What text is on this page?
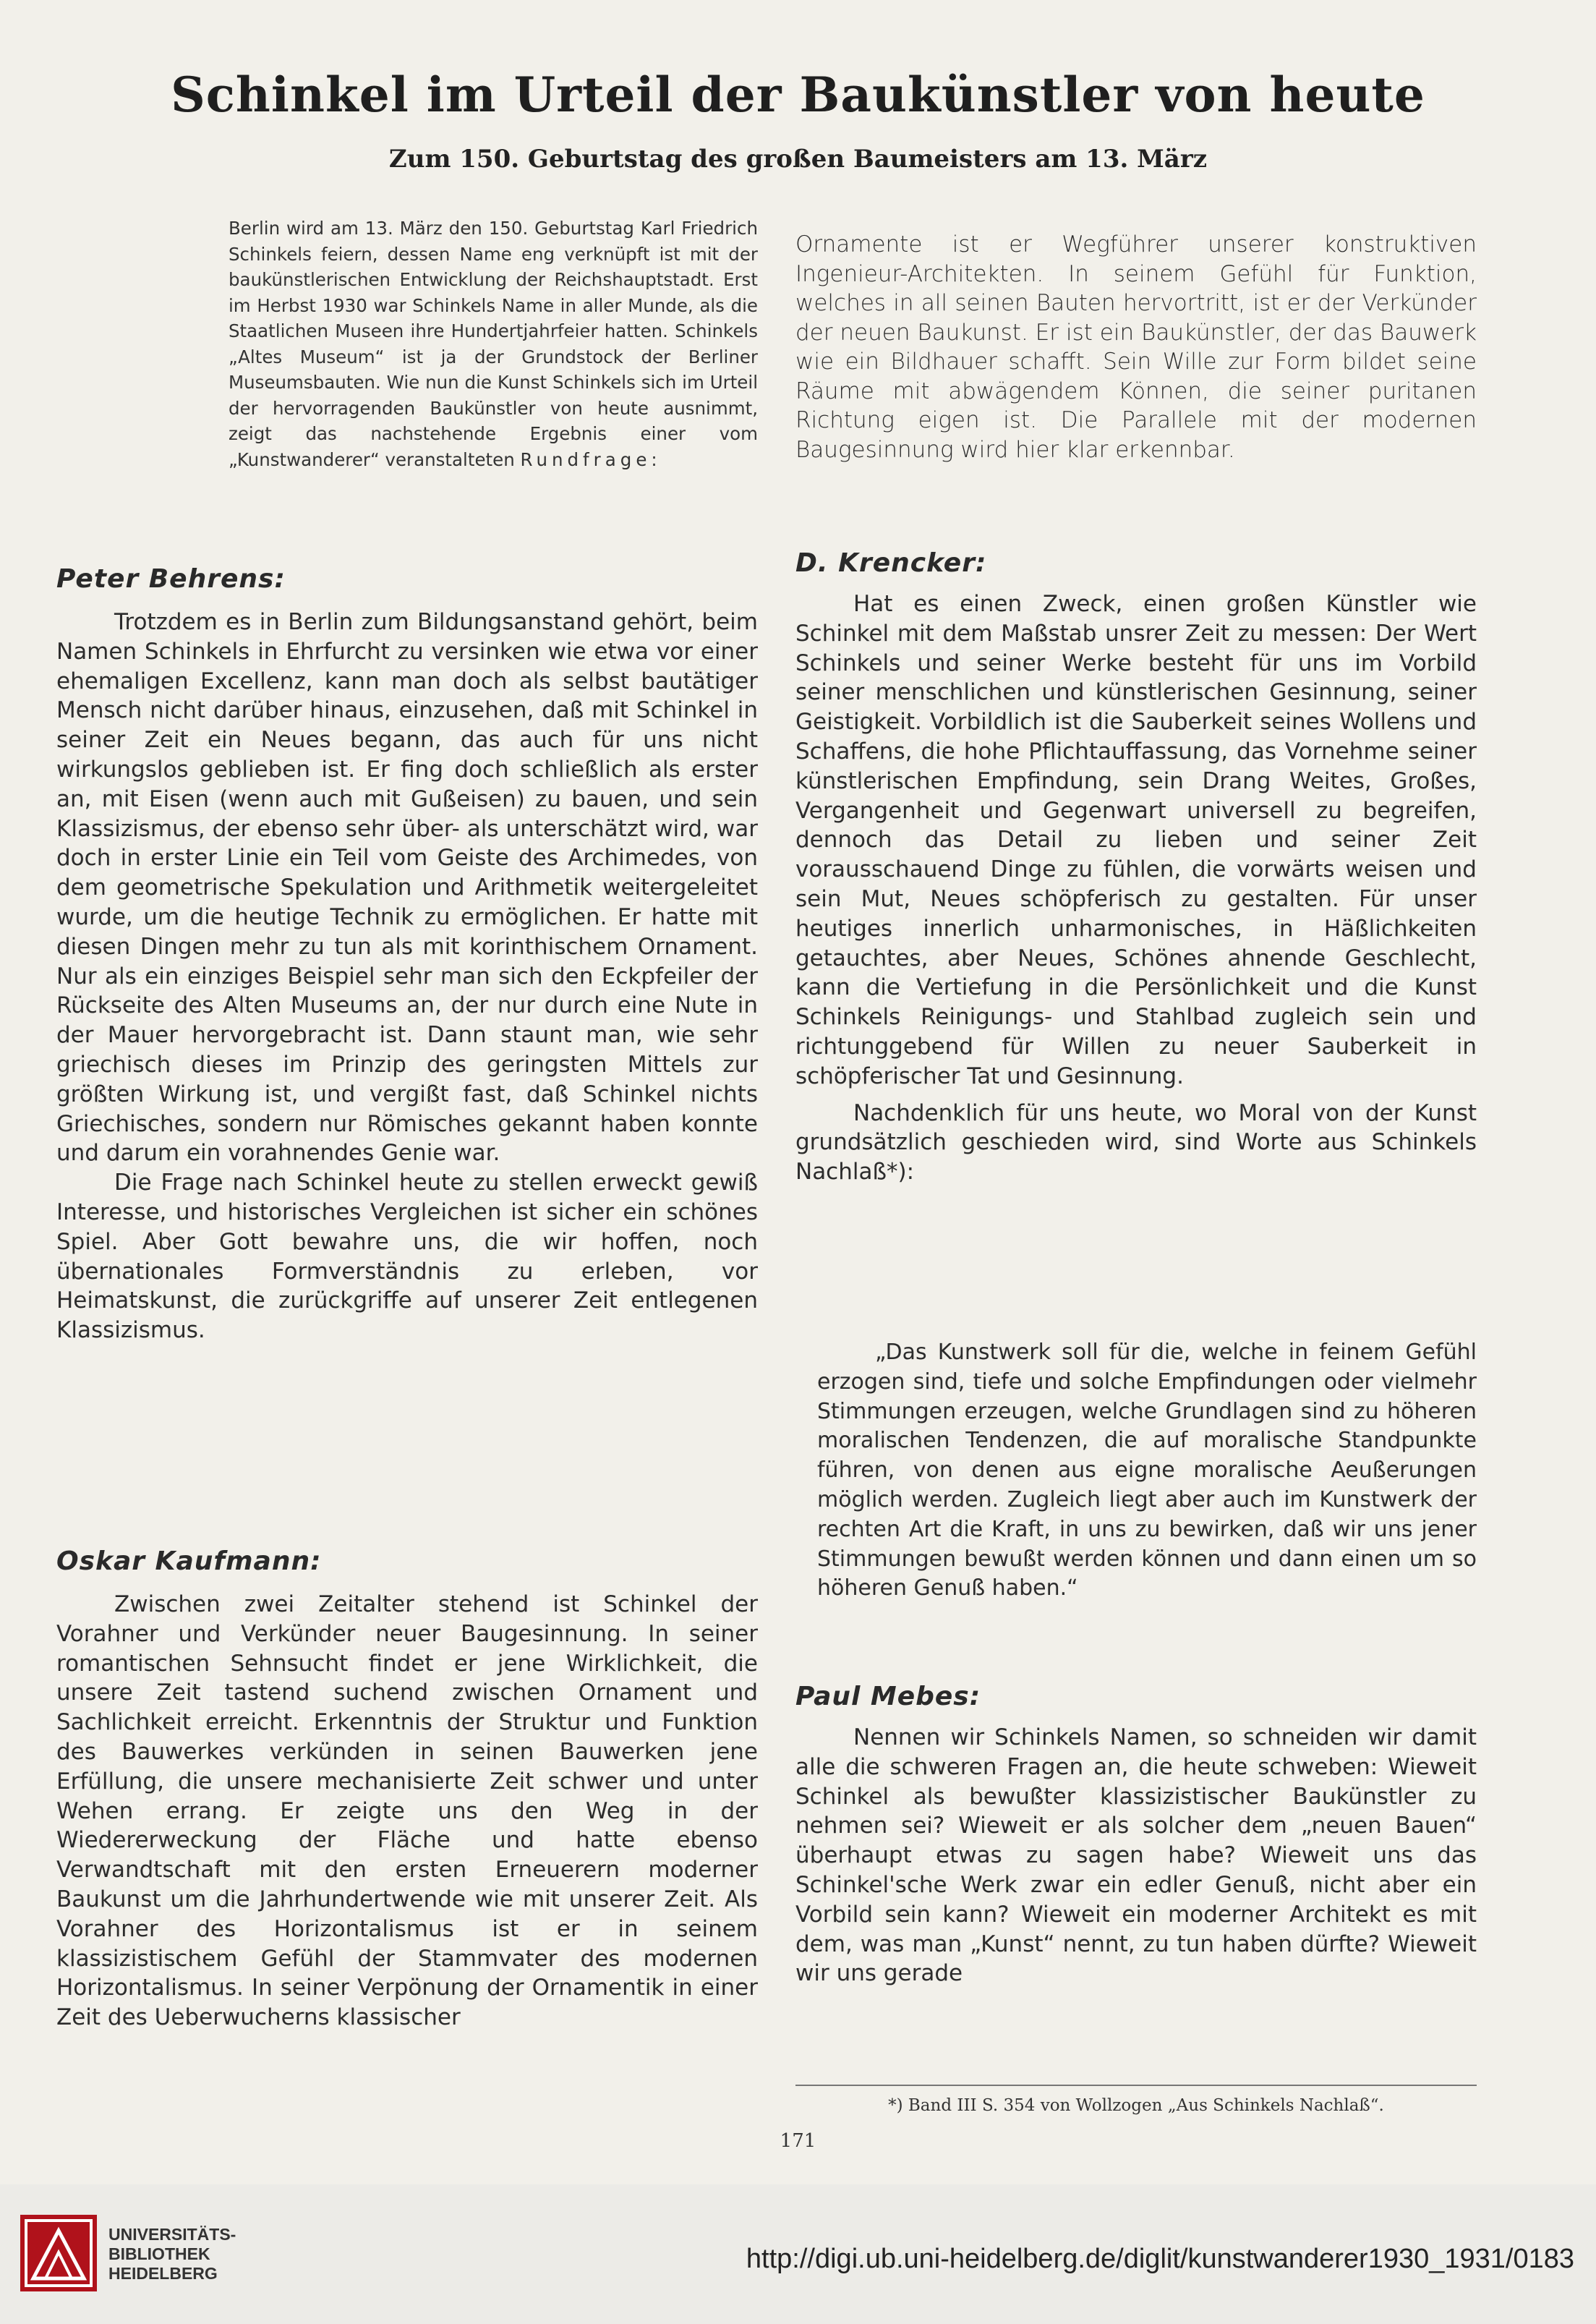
Schinkel im Urteil der Baukünstler von heute
Zum 150. Geburtstag des großen Baumeisters am 13. März
Berlin wird am 13. März den 150. Geburtstag Karl Friedrich Schinkels feiern, dessen Name eng verknüpft ist mit der baukünstlerischen Entwicklung der Reichshauptstadt. Erst im Herbst 1930 war Schinkels Name in aller Munde, als die Staatlichen Museen ihre Hundertjahrfeier hatten. Schinkels „Altes Museum“ ist ja der Grundstock der Berliner Museumsbauten. Wie nun die Kunst Schinkels sich im Urteil der hervorragenden Baukünstler von heute ausnimmt, zeigt das nachstehende Ergebnis einer vom „Kunstwanderer“ veranstalteten Rundfrage:
Ornamente ist er Wegführer unserer konstruktiven Ingenieur-Architekten. In seinem Gefühl für Funktion, welches in all seinen Bauten hervortritt, ist er der Verkünder der neuen Baukunst. Er ist ein Baukünstler, der das Bauwerk wie ein Bildhauer schafft. Sein Wille zur Form bildet seine Räume mit abwägendem Können, die seiner puritanen Richtung eigen ist. Die Parallele mit der modernen Baugesinnung wird hier klar erkennbar.
Peter Behrens:

Trotzdem es in Berlin zum Bildungsanstand gehört, beim Namen Schinkels in Ehrfurcht zu versinken wie etwa vor einer ehemaligen Excellenz, kann man doch als selbst bautätiger Mensch nicht darüber hinaus, einzusehen, daß mit Schinkel in seiner Zeit ein Neues begann, das auch für uns nicht wirkungslos geblieben ist. Er fing doch schließlich als erster an, mit Eisen (wenn auch mit Gußeisen) zu bauen, und sein Klassizismus, der ebenso sehr über- als unterschätzt wird, war doch in erster Linie ein Teil vom Geiste des Archimedes, von dem geometrische Spekulation und Arithmetik weitergeleitet wurde, um die heutige Technik zu ermöglichen. Er hatte mit diesen Dingen mehr zu tun als mit korinthischem Ornament. Nur als ein einziges Beispiel sehr man sich den Eckpfeiler der Rückseite des Alten Museums an, der nur durch eine Nute in der Mauer hervorgebracht ist. Dann staunt man, wie sehr griechisch dieses im Prinzip des geringsten Mittels zur größten Wirkung ist, und vergißt fast, daß Schinkel nichts Griechisches, sondern nur Römisches gekannt haben konnte und darum ein vorahnendes Genie war.

Die Frage nach Schinkel heute zu stellen erweckt gewiß Interesse, und historisches Vergleichen ist sicher ein schönes Spiel. Aber Gott bewahre uns, die wir hoffen, noch übernationales Formverständnis zu erleben, vor Heimatskunst, die zurückgriffe auf unserer Zeit entlegenen Klassizismus.

Oskar Kaufmann:

Zwischen zwei Zeitalter stehend ist Schinkel der Vorahner und Verkünder neuer Baugesinnung. In seiner romantischen Sehnsucht findet er jene Wirklichkeit, die unsere Zeit tastend suchend zwischen Ornament und Sachlichkeit erreicht. Erkenntnis der Struktur und Funktion des Bauwerkes verkünden in seinen Bauwerken jene Erfüllung, die unsere mechanisierte Zeit schwer und unter Wehen errang. Er zeigte uns den Weg in der Wiedererweckung der Fläche und hatte ebenso Verwandtschaft mit den ersten Erneuerern moderner Baukunst um die Jahrhundertwende wie mit unserer Zeit. Als Vorahner des Horizontalismus ist er in seinem klassizistischem Gefühl der Stammvater des modernen Horizontalismus. In seiner Verpönung der Ornamentik in einer Zeit des Ueberwucherns klassischer

D. Krencker:

Hat es einen Zweck, einen großen Künstler wie Schinkel mit dem Maßstab unsrer Zeit zu messen: Der Wert Schinkels und seiner Werke besteht für uns im Vorbild seiner menschlichen und künstlerischen Gesinnung, seiner Geistigkeit. Vorbildlich ist die Sauberkeit seines Wollens und Schaffens, die hohe Pflichtauffassung, das Vornehme seiner künstlerischen Empfindung, sein Drang Weites, Großes, Vergangenheit und Gegenwart universell zu begreifen, dennoch das Detail zu lieben und seiner Zeit vorausschauend Dinge zu fühlen, die vorwärts weisen und sein Mut, Neues schöpferisch zu gestalten. Für unser heutiges innerlich unharmonisches, in Häßlichkeiten getauchtes, aber Neues, Schönes ahnende Geschlecht, kann die Vertiefung in die Persönlichkeit und die Kunst Schinkels Reinigungs- und Stahlbad zugleich sein und richtunggebend für Willen zu neuer Sauberkeit in schöpferischer Tat und Gesinnung.

Nachdenklich für uns heute, wo Moral von der Kunst grundsätzlich geschieden wird, sind Worte aus Schinkels Nachlaß*):

„Das Kunstwerk soll für die, welche in feinem Gefühl erzogen sind, tiefe und solche Empfindungen oder vielmehr Stimmungen erzeugen, welche Grundlagen sind zu höheren moralischen Tendenzen, die auf moralische Standpunkte führen, von denen aus eigne moralische Aeußerungen möglich werden. Zugleich liegt aber auch im Kunstwerk der rechten Art die Kraft, in uns zu bewirken, daß wir uns jener Stimmungen bewußt werden können und dann einen um so höheren Genuß haben.“

Paul Mebes:

Nennen wir Schinkels Namen, so schneiden wir damit alle die schweren Fragen an, die heute schweben: Wieweit Schinkel als bewußter klassizistischer Baukünstler zu nehmen sei? Wieweit er als solcher dem „neuen Bauen“ überhaupt etwas zu sagen habe? Wieweit uns das Schinkel'sche Werk zwar ein edler Genuß, nicht aber ein Vorbild sein kann? Wieweit ein moderner Architekt es mit dem, was man „Kunst“ nennt, zu tun haben dürfte? Wieweit wir uns gerade

*) Band III S. 354 von Wollzogen „Aus Schinkels Nachlaß“.
171
UNIVERSITÄTS-
BIBLIOTHEK
HEIDELBERG	http://digi.ub.uni-heidelberg.de/diglit/kunstwanderer1930_1931/0183
